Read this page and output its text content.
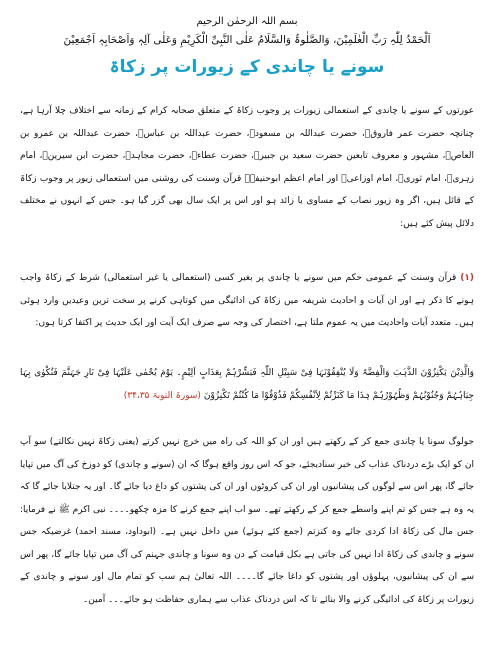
بسم اللہ الرحمٰن الرحیم
اَلْحَمْدُ لِلّٰہِ رَبِّ الْعٰلَمِیْنَ، وَالصَّلٰوۃُ وَالسَّلَامُ عَلٰی النَّبِیِّ الْکَرِیْمِ وَعَلٰی آلِہٖ وَاَصْحَابِہٖ اَجْمَعِیْنَ
سونے یا چاندی کے زیورات پر زکاۃ
عورتوں کے سونے یا چاندی کے استعمالی زیورات پر وجوب زکاۃ کے متعلق صحابہ کرام کے زمانہ سے اختلاف چلا آرہا ہے، چنانچہ حضرت عمر فاروقؓ، حضرت عبداللہ بن مسعودؓ، حضرت عبداللہ بن عباسؓ، حضرت عبداللہ بن عمرو بن العاصؓ، مشہور و معروف تابعین حضرت سعید بن جبیرؒ، حضرت عطاءؒ، حضرت مجاہدؒ، حضرت ابن سیرینؒ، امام زہریؒ، امام ثوریؒ، امام اوزاعیؒ اور امام اعظم ابوحنیفہؒ قرآن وسنت کی روشنی میں استعمالی زیور پر وجوب زکاۃ کے قائل ہیں، اگر وہ زیور نصاب کے مساوی یا زائد ہو اور اس پر ایک سال بھی گزر گیا ہو۔ جس کے انہوں نے مختلف دلائل پیش کئے ہیں:
(١) قرآن وسنت کے عمومی حکم میں سونے یا چاندی پر بغیر کسی (استعمالی یا غیر استعمالی) شرط کے زکاۃ واجب ہونے کا ذکر ہے اور ان آیات و احادیث شریفہ میں زکاۃ کی ادائیگی میں کوتاہی کرنے پر سخت ترین وعیدیں وارد ہوئی ہیں۔ متعدد آیات واحادیث میں یہ عموم ملتا ہے، اختصار کی وجہ سے صرف ایک آیت اور ایک حدیث پر اکتفا کرتا ہوں:
وَالَّذِیْنَ یَکْنِزُوْنَ الذَّہَبَ وَالْفِضَّۃَ وَلَا یُنْفِقُوْنَہَا فِیْ سَبِیْلِ اللّٰہِ فَبَشِّرْہُمْ بِعَذَابٍ اَلِیْمٍ۔ یَوْمَ یُحْمٰی عَلَیْہَا فِیْ نَارِ جَہَنَّمَ فَتُکْوٰی بِہَا جِبَاہُہُمْ وَجُنُوْبُہُمْ وَظُہُوْرُہُمْ ہٰذَا مَا کَنَزْتُمْ لِاَنْفُسِکُمْ فَذُوْقُوْا مَا کُنْتُمْ تَکْنِزُوْنَ (سورۃ التوبۃ ۳۴،۳۵)
جولوگ سونا یا چاندی جمع کر کے رکھتے ہیں اور ان کو اللہ کی راہ میں خرچ نہیں کرتے (یعنی زکاۃ نہیں نکالتے) سو آپ ان کو ایک بڑے دردناک عذاب کی خبر سنادیجئے، جو کہ اس روز واقع ہوگا کہ ان (سونے و چاندی) کو دوزخ کی آگ میں تپایا جائے گا، پھر اس سے لوگوں کی پیشانیوں اور ان کی کروٹوں اور ان کی پشتوں کو داغ دیا جائے گا۔ اور یہ جتلایا جائے گا کہ یہ وہ ہے جس کو تم اپنے واسطے جمع کر کے رکھتے تھے۔ سو اب اپنے جمع کرنے کا مزہ چکھو۔۔۔۔ نبی اکرم ﷺ نے فرمایا: جس مال کی زکاۃ ادا کردی جائے وہ کنزتم (جمع کئے ہوئے) میں داخل نہیں ہے۔ (ابوداود، مسند احمد) غرضیکہ جس سونے و چاندی کی زکاۃ ادا نہیں کی جاتی ہے بکل قیامت کے دن وہ سونا و چاندی جہنم کی آگ میں تپایا جائے گا، پھر اس سے ان کی پیشانیوں، پہلوؤں اور پشتوں کو داغا جائے گا۔۔۔۔ اللہ تعالیٰ ہم سب کو تمام مال اور سونے و چاندی کے زیورات پر زکاۃ کی ادائیگی کرنے والا بنائے تا کہ اس دردناک عذاب سے ہماری حفاظت ہو جائے۔۔۔ آمین۔
